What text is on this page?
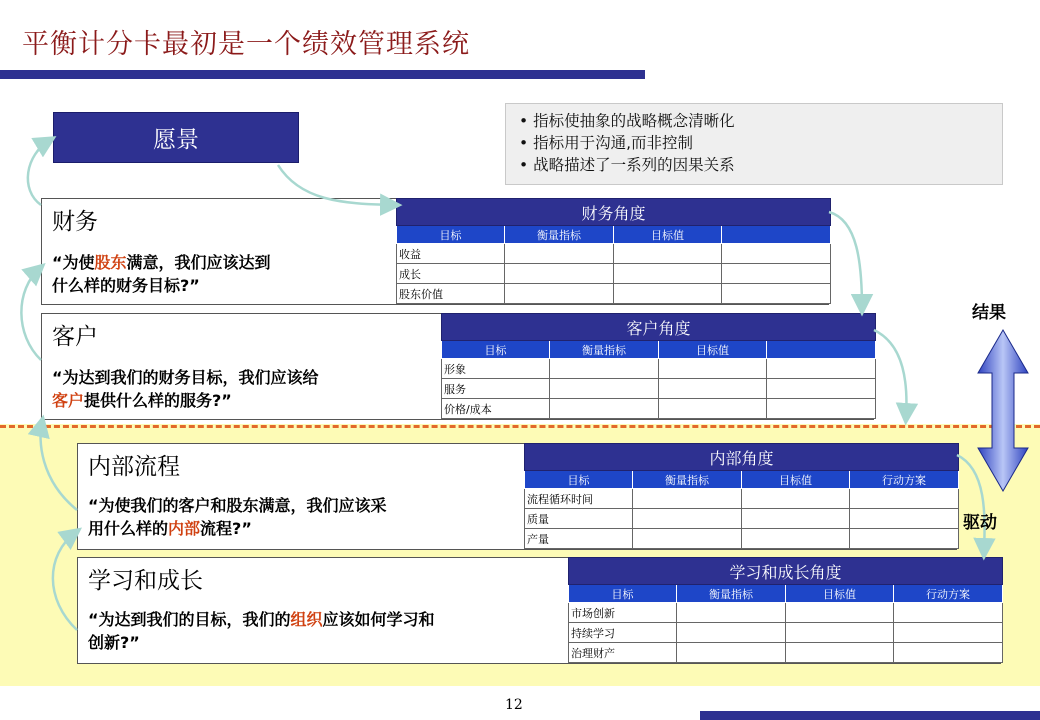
平衡计分卡最初是一个绩效管理系统
愿景
• 指标使抽象的战略概念清晰化
• 指标用于沟通,而非控制
• 战略描述了一系列的因果关系
财务
“为使股东满意，我们应该达到
什么样的财务目标?”
财务角度			
目标	衡量指标	目标值	
收益			
成长			
股东价值			
客户
“为达到我们的财务目标，我们应该给
客户提供什么样的服务?”
客户角度			
目标	衡量指标	目标值	
形象			
服务			
价格/成本			
内部流程
“为使我们的客户和股东满意，我们应该采
用什么样的内部流程?”
内部角度			
目标	衡量指标	目标值	行动方案
流程循环时间			
质量			
产量			
学习和成长
“为达到我们的目标，我们的组织应该如何学习和
创新?”
学习和成长角度			
目标	衡量指标	目标值	行动方案
市场创新			
持续学习			
治理财产			
结果
驱动
12
